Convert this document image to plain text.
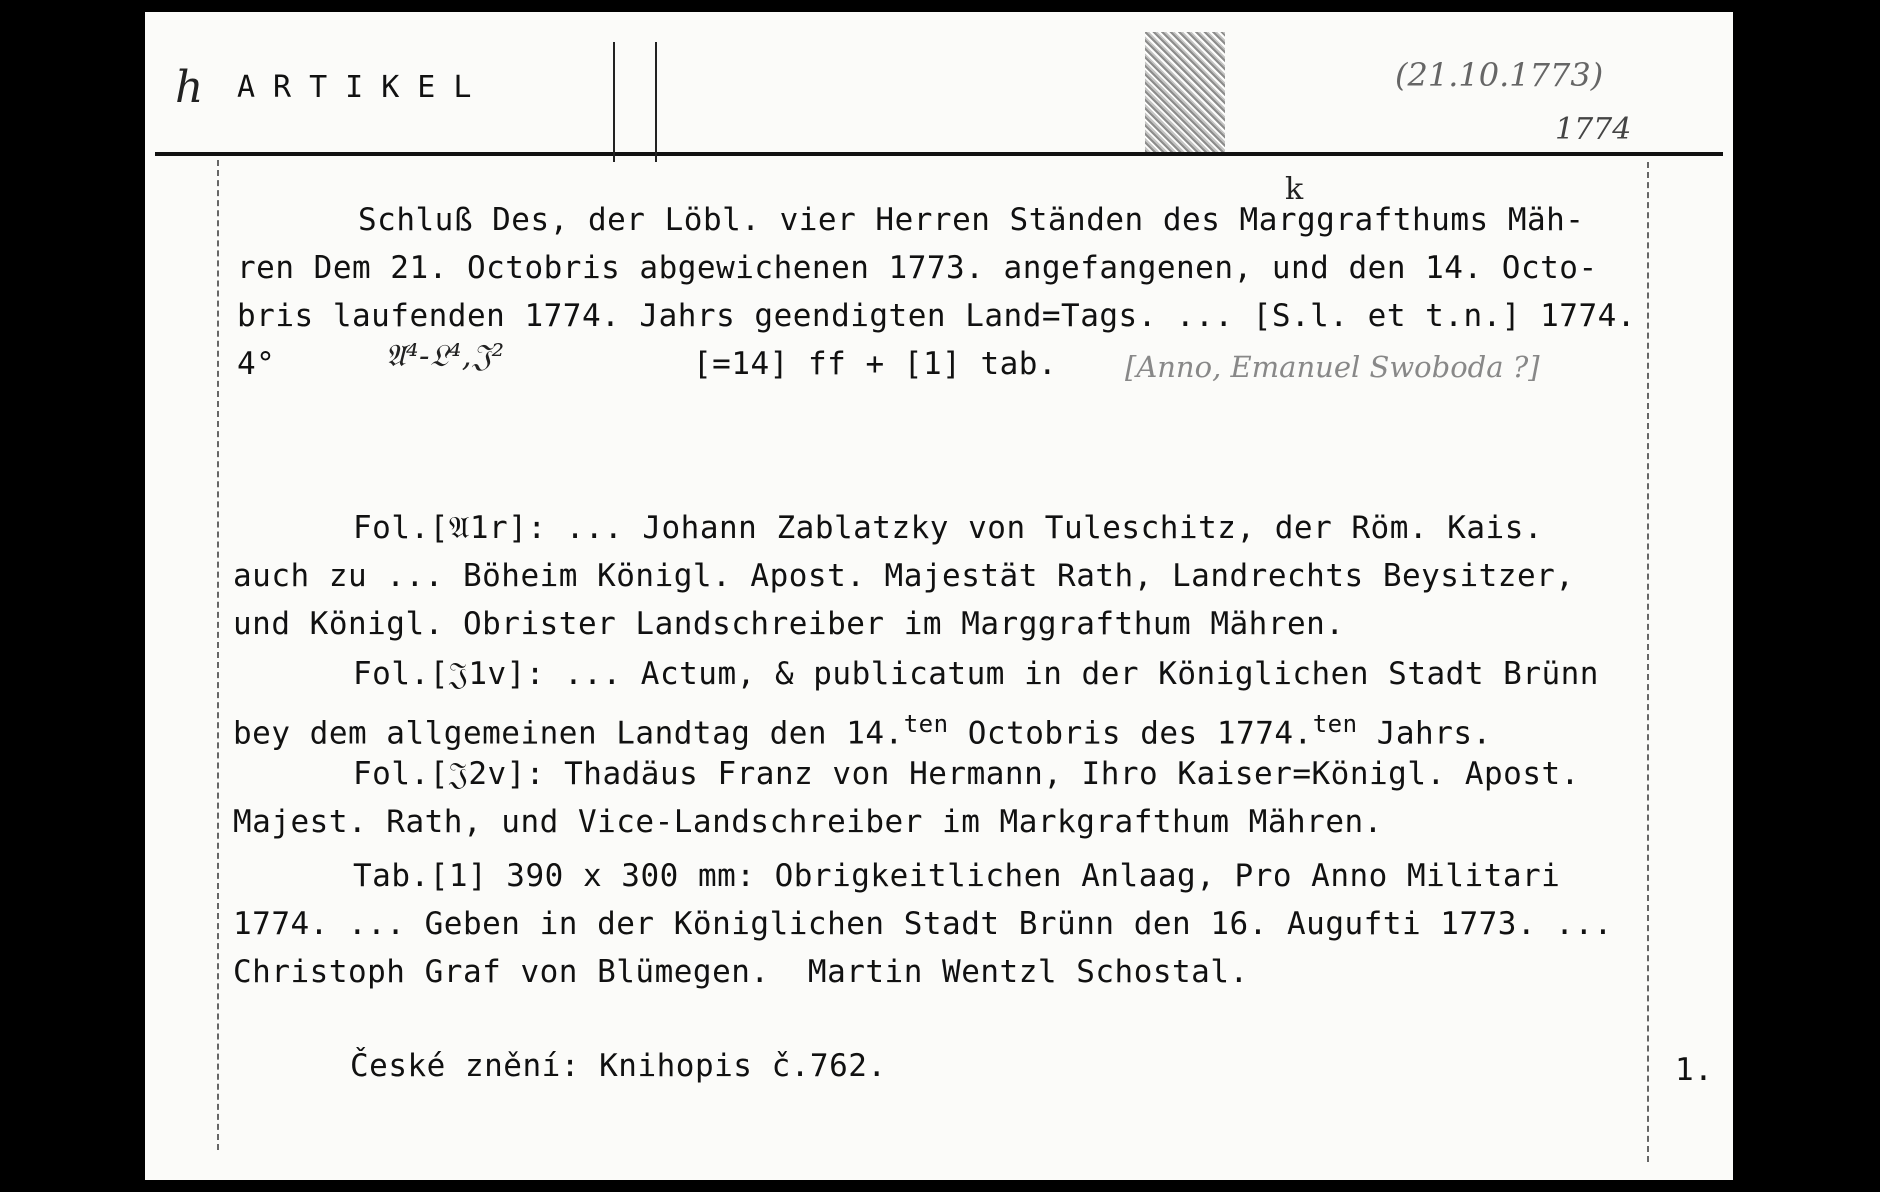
h ARTIKEL	(21.10.1773)
1774
k
Schluß Des, der Löbl. vier Herren Ständen des Marggrafthums Mäh-
ren Dem 21. Octobris abgewichenen 1773. angefangenen, und den 14. Octo-
bris laufenden 1774. Jahrs geendigten Land=Tags. ... [S.l. et t.n.] 1774.
4°	𝔄⁴-𝔏⁴,𝔍²	[=14] ff + [1] tab. [Anno, Emanuel Swoboda ?]
Fol.[𝔄1r]: ... Johann Zablatzky von Tuleschitz, der Röm. Kais.
auch zu ... Böheim Königl. Apost. Majestät Rath, Landrechts Beysitzer,
und Königl. Obrister Landschreiber im Marggrafthum Mähren.
Fol.[𝔍1v]: ... Actum, & publicatum in der Königlichen Stadt Brünn
bey dem allgemeinen Landtag den 14.$^{ten}$ Octobris des 1774.$^{ten}$ Jahrs.
Fol.[𝔍2v]: Thadäus Franz von Hermann, Ihro Kaiser=Königl. Apost.
Majest. Rath, und Vice-Landschreiber im Markgrafthum Mähren.
Tab.[1] 390 x 300 mm: Obrigkeitlichen Anlaag, Pro Anno Militari
1774. ... Geben in der Königlichen Stadt Brünn den 16. Augufti 1773. ...
Christoph Graf von Blümegen.  Martin Wentzl Schostal.
České znění: Knihopis č.762.	1.
